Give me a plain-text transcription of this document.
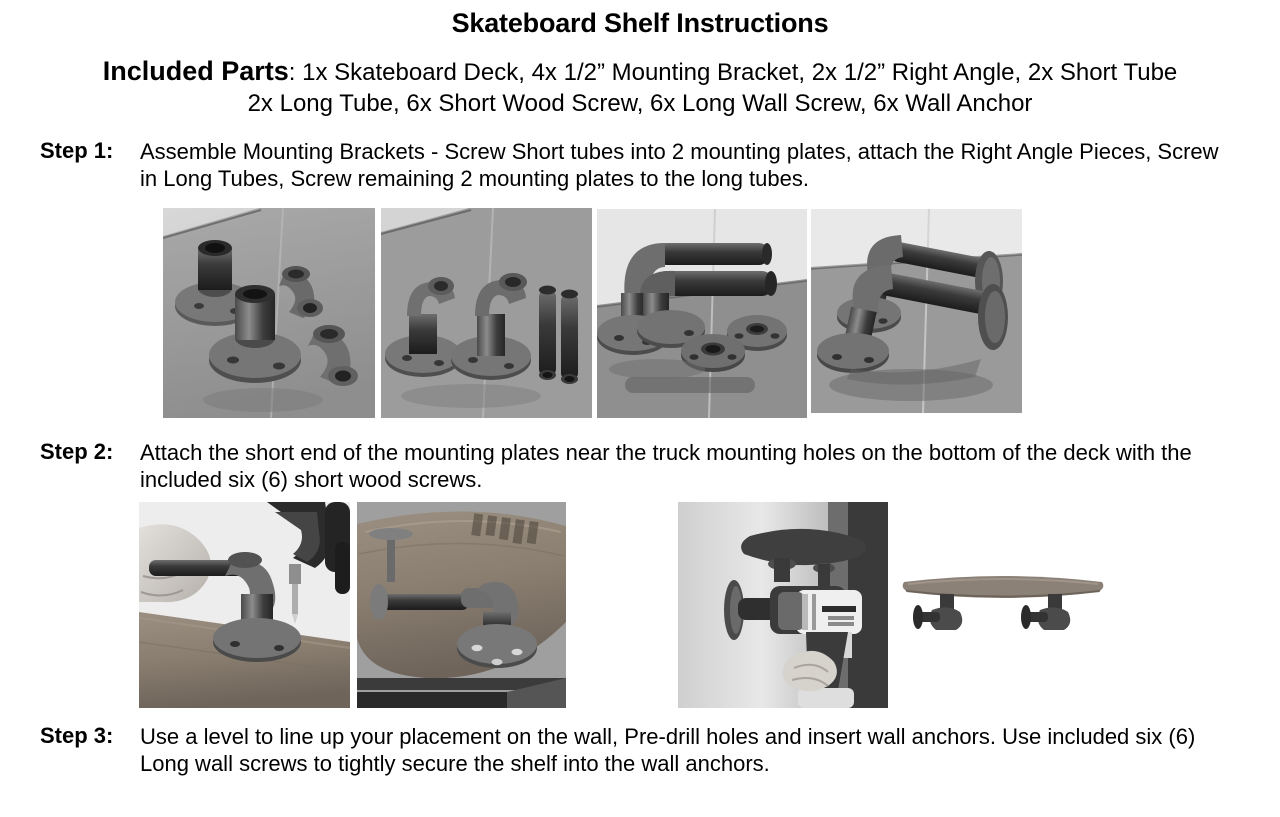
Skateboard Shelf Instructions
Included Parts: 1x Skateboard Deck, 4x 1/2” Mounting Bracket, 2x 1/2” Right Angle, 2x Short Tube
2x Long Tube, 6x Short Wood Screw, 6x Long Wall Screw, 6x Wall Anchor
Step 1:	Assemble Mounting Brackets - Screw Short tubes into 2 mounting plates, attach the Right Angle Pieces, Screw in Long Tubes, Screw remaining 2 mounting plates to the long tubes.
Step 2:	Attach the short end of the mounting plates near the truck mounting holes on the bottom of the deck with the included six (6) short wood screws.
Step 3:	Use a level to line up your placement on the wall, Pre-drill holes and insert wall anchors. Use included six (6) Long wall screws to tightly secure the shelf into the wall anchors.
